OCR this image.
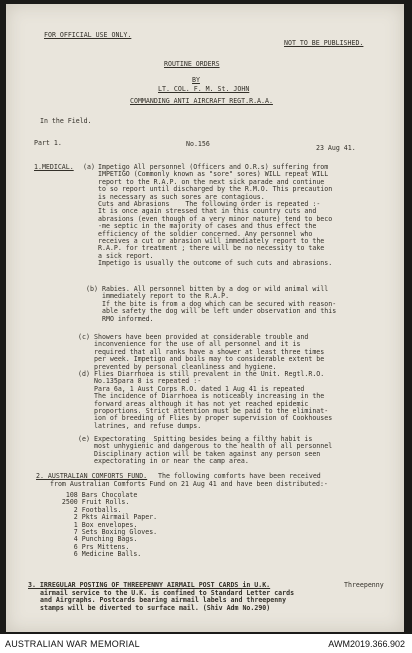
FOR OFFICIAL USE ONLY.
NOT TO BE PUBLISHED.
ROUTINE ORDERS
BY
LT. COL. F. M. St. JOHN
COMMANDING ANTI AIRCRAFT REGT.R.A.A.
In the Field.
Part 1.	No.156	23 Aug 41.
1.MEDICAL. (a) Impetigo All personnel (Officers and O.R.s) suffering from
IMPETIGO (Commonly known as "sore" sores) WILL repeat WILL
report to the R.A.P. on the next sick parade and continue
to so report until discharged by the R.M.O. This precaution
is necessary as such sores are contagious.
Cuts and Abrasions    The following order is repeated :-
It is once again stressed that in this country cuts and
abrasions (even though of a very minor nature) tend to beco
-me septic in the majority of cases and thus effect the
efficiency of the soldier concerned. Any personnel who
receives a cut or abrasion will immediately report to the
R.A.P. for treatment ; there will be no necessity to take
a sick report.
Impetigo is usually the outcome of such cuts and abrasions.
(b) Rabies. All personnel bitten by a dog or wild animal will
immediately report to the R.A.P.
If the bite is from a dog which can be secured with reason-
able safety the dog will be left under observation and this
RMO informed.
(c) Showers have been provided at considerable trouble and
inconvenience for the use of all personnel and it is
required that all ranks have a shower at least three times
per week. Impetigo and boils may to considerable extent be
prevented by personal cleanliness and hygiene.
(d) Flies Diarrhoea is still prevalent in the Unit. Regtl.R.O.
No.135para 8 is repeated :-
Para 6a, 1 Aust Corps R.O. dated 1 Aug 41 is repeated
The incidence of Diarrhoea is noticeably increasing in the
forward areas although it has not yet reached epidemic
proportions. Strict attention must be paid to the eliminat-
ion of breeding of Flies by proper supervision of Cookhouses
latrines, and refuse dumps.
(e) Expectorating  Spitting besides being a filthy habit is
most unhygienic and dangerous to the health of all personnel
Disciplinary action will be taken against any person seen
expectorating in or near the camp area.
2. AUSTRALIAN COMFORTS FUND. The following comforts have been received
from Australian Comforts Fund on 21 Aug 41 and have been distributed:-
108 Bars Chocolate
2500 Fruit Rolls.
2 Footballs.
2 Pkts Airmail Paper.
1 Box envelopes.
7 Sets Boxing Gloves.
4 Punching Bags.
6 Prs Mittens.
6 Medicine Balls.
3. IRREGULAR POSTING OF THREEPENNY AIRMAIL POST CARDS in U.K.	Threepenny
airmail service to the U.K. is confined to Standard Letter cards
and Airgraphs. Postcards bearing airmail labels and threepenny
stamps will be diverted to surface mail. (Shiv Adm No.290)
AUSTRALIAN WAR MEMORIAL	AWM2019.366.902
